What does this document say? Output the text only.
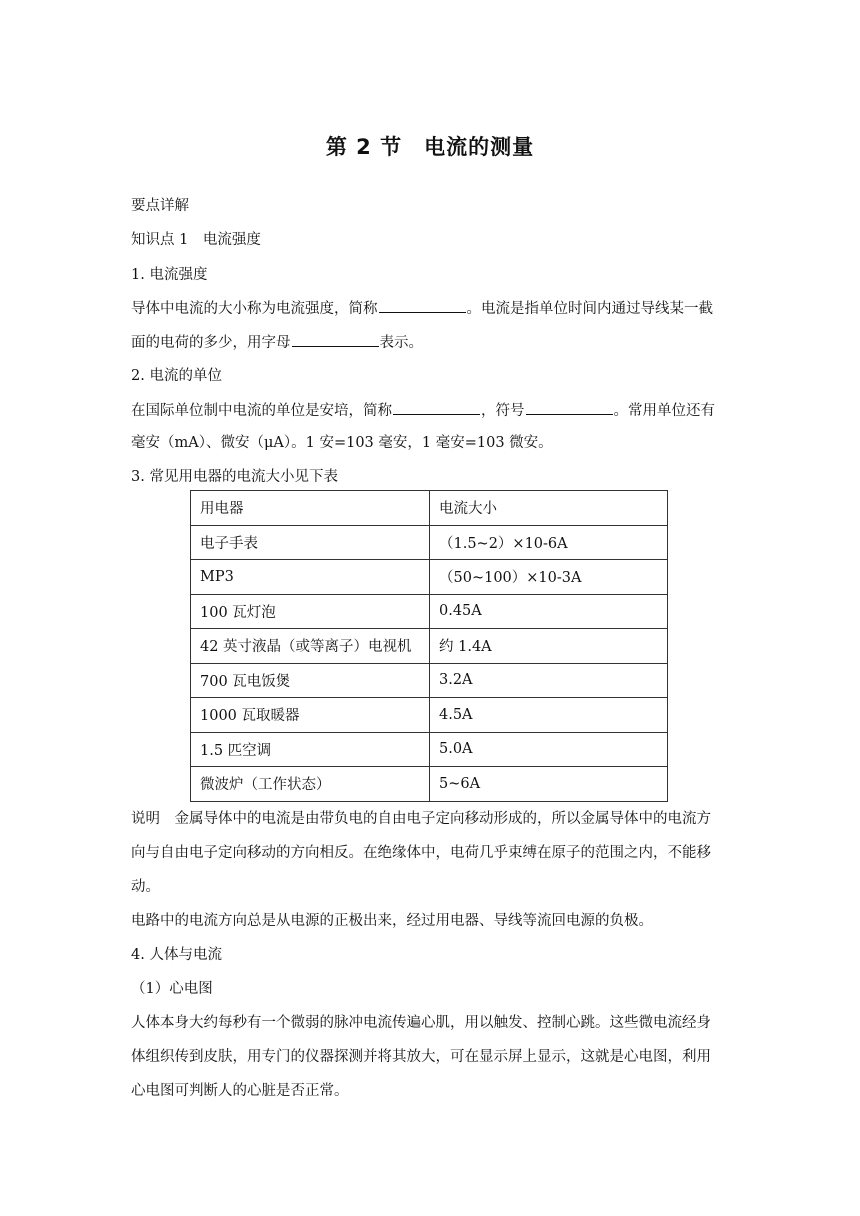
第 2 节　电流的测量
要点详解
知识点 1　电流强度
1. 电流强度
导体中电流的大小称为电流强度，简称	。电流是指单位时间内通过导线某一截
面的电荷的多少，用字母	表示。
2. 电流的单位
在国际单位制中电流的单位是安培，简称	，符号	。常用单位还有
毫安（mA）、微安（μA）。1 安=103 毫安，1 毫安=103 微安。
3. 常见用电器的电流大小见下表
用电器	电流大小
电子手表	（1.5~2）×10-6A
MP3	（50~100）×10-3A
100 瓦灯泡	0.45A
42 英寸液晶（或等离子）电视机	约 1.4A
700 瓦电饭煲	3.2A
1000 瓦取暖器	4.5A
1.5 匹空调	5.0A
微波炉（工作状态）	5~6A
说明　金属导体中的电流是由带负电的自由电子定向移动形成的，所以金属导体中的电流方
向与自由电子定向移动的方向相反。在绝缘体中，电荷几乎束缚在原子的范围之内，不能移
动。
电路中的电流方向总是从电源的正极出来，经过用电器、导线等流回电源的负极。
4. 人体与电流
（1）心电图
人体本身大约每秒有一个微弱的脉冲电流传遍心肌，用以触发、控制心跳。这些微电流经身
体组织传到皮肤，用专门的仪器探测并将其放大，可在显示屏上显示，这就是心电图，利用
心电图可判断人的心脏是否正常。
